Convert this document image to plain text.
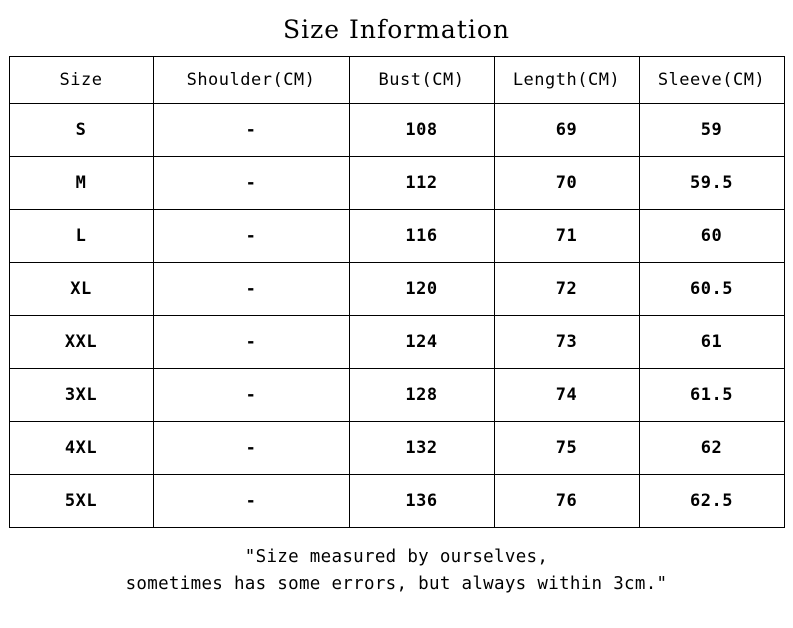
Size Information
Size	Shoulder(CM)	Bust(CM)	Length(CM)	Sleeve(CM)
S	-	108	69	59
M	-	112	70	59.5
L	-	116	71	60
XL	-	120	72	60.5
XXL	-	124	73	61
3XL	-	128	74	61.5
4XL	-	132	75	62
5XL	-	136	76	62.5
"Size measured by ourselves,
sometimes has some errors, but always within 3cm."
